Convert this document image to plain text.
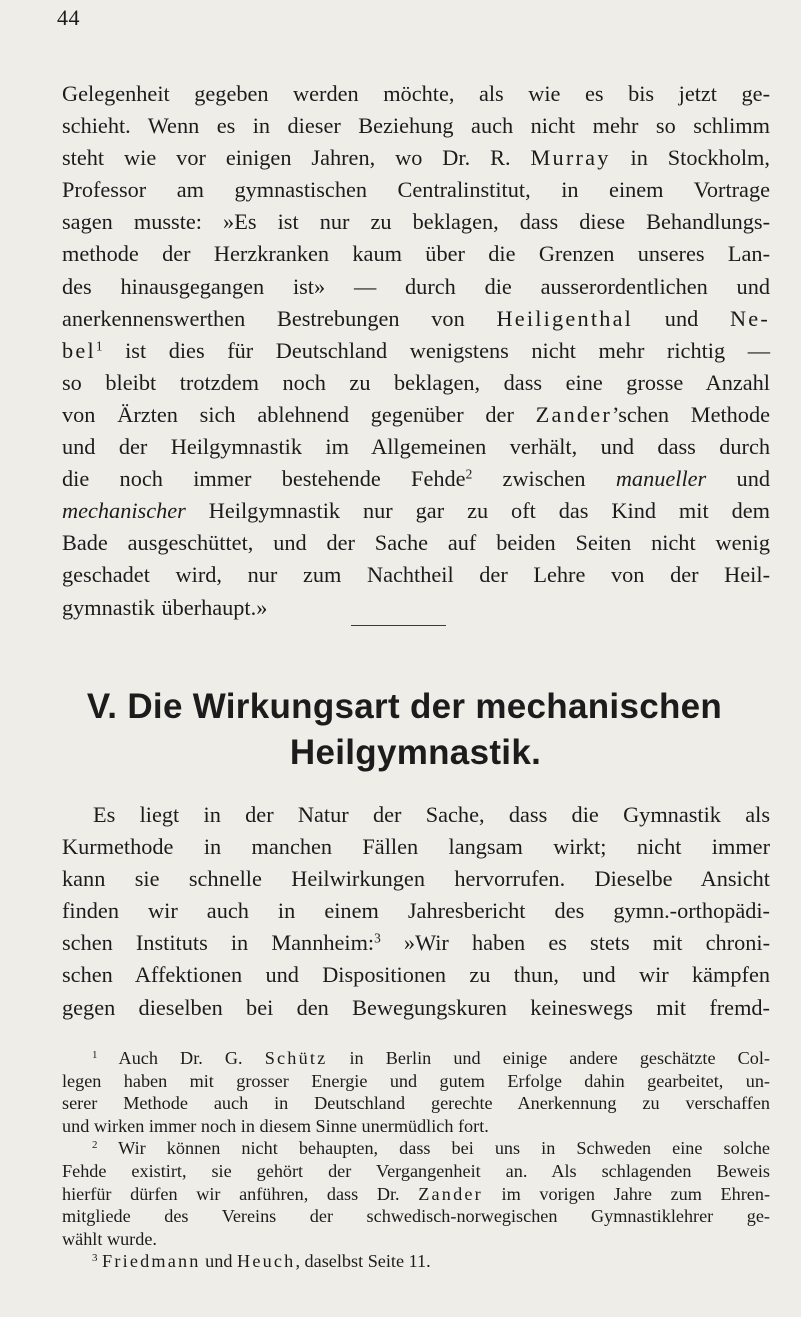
44
Gelegenheit gegeben werden möchte, als wie es bis jetzt ge-
schieht. Wenn es in dieser Beziehung auch nicht mehr so schlimm
steht wie vor einigen Jahren, wo Dr. R. Murray in Stockholm,
Professor am gymnastischen Centralinstitut, in einem Vortrage
sagen musste: »Es ist nur zu beklagen, dass diese Behandlungs-
methode der Herzkranken kaum über die Grenzen unseres Lan-
des hinausgegangen ist» — durch die ausserordentlichen und
anerkennenswerthen Bestrebungen von Heiligenthal und Ne-
bel$^1$ ist dies für Deutschland wenigstens nicht mehr richtig —
so bleibt trotzdem noch zu beklagen, dass eine grosse Anzahl
von Ärzten sich ablehnend gegenüber der Zander’schen Methode
und der Heilgymnastik im Allgemeinen verhält, und dass durch
die noch immer bestehende Fehde$^2$ zwischen manueller und
mechanischer Heilgymnastik nur gar zu oft das Kind mit dem
Bade ausgeschüttet, und der Sache auf beiden Seiten nicht wenig
geschadet wird, nur zum Nachtheil der Lehre von der Heil-
gymnastik überhaupt.»
V. Die Wirkungsart der mechanischen
Heilgymnastik.
Es liegt in der Natur der Sache, dass die Gymnastik als
Kurmethode in manchen Fällen langsam wirkt; nicht immer
kann sie schnelle Heilwirkungen hervorrufen. Dieselbe Ansicht
finden wir auch in einem Jahresbericht des gymn.-orthopädi-
schen Instituts in Mannheim:$^3$ »Wir haben es stets mit chroni-
schen Affektionen und Dispositionen zu thun, und wir kämpfen
gegen dieselben bei den Bewegungskuren keineswegs mit fremd-
$^1$ Auch Dr. G. Schütz in Berlin und einige andere geschätzte Col-
legen haben mit grosser Energie und gutem Erfolge dahin gearbeitet, un-
serer Methode auch in Deutschland gerechte Anerkennung zu verschaffen
und wirken immer noch in diesem Sinne unermüdlich fort.
$^2$ Wir können nicht behaupten, dass bei uns in Schweden eine solche
Fehde existirt, sie gehört der Vergangenheit an. Als schlagenden Beweis
hierfür dürfen wir anführen, dass Dr. Zander im vorigen Jahre zum Ehren-
mitgliede des Vereins der schwedisch-norwegischen Gymnastiklehrer ge-
wählt wurde.
$^3$ Friedmann und Heuch, daselbst Seite 11.
